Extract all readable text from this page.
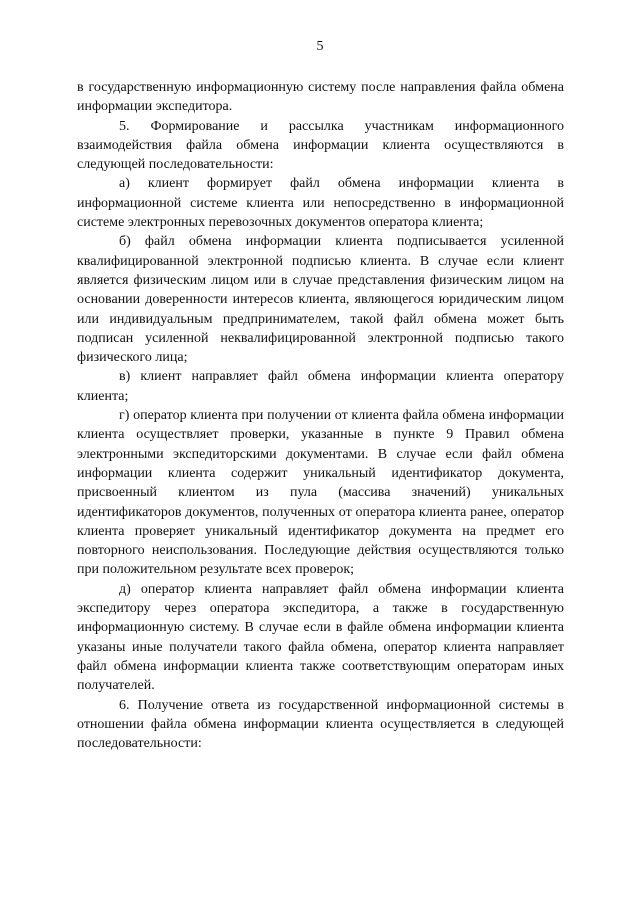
5

в государственную информационную систему после направления файла обмена информации экспедитора.

5. Формирование и рассылка участникам информационного взаимодействия файла обмена информации клиента осуществляются в следующей последовательности:

а) клиент формирует файл обмена информации клиента в информационной системе клиента или непосредственно в информационной системе электронных перевозочных документов оператора клиента;

б) файл обмена информации клиента подписывается усиленной квалифицированной электронной подписью клиента. В случае если клиент является физическим лицом или в случае представления физическим лицом на основании доверенности интересов клиента, являющегося юридическим лицом или индивидуальным предпринимателем, такой файл обмена может быть подписан усиленной неквалифицированной электронной подписью такого физического лица;

в) клиент направляет файл обмена информации клиента оператору клиента;

г) оператор клиента при получении от клиента файла обмена информации клиента осуществляет проверки, указанные в пункте 9 Правил обмена электронными экспедиторскими документами. В случае если файл обмена информации клиента содержит уникальный идентификатор документа, присвоенный клиентом из пула (массива значений) уникальных идентификаторов документов, полученных от оператора клиента ранее, оператор клиента проверяет уникальный идентификатор документа на предмет его повторного неиспользования. Последующие действия осуществляются только при положительном результате всех проверок;

д) оператор клиента направляет файл обмена информации клиента экспедитору через оператора экспедитора, а также в государственную информационную систему. В случае если в файле обмена информации клиента указаны иные получатели такого файла обмена, оператор клиента направляет файл обмена информации клиента также соответствующим операторам иных получателей.

6. Получение ответа из государственной информационной системы в отношении файла обмена информации клиента осуществляется в следующей последовательности:
